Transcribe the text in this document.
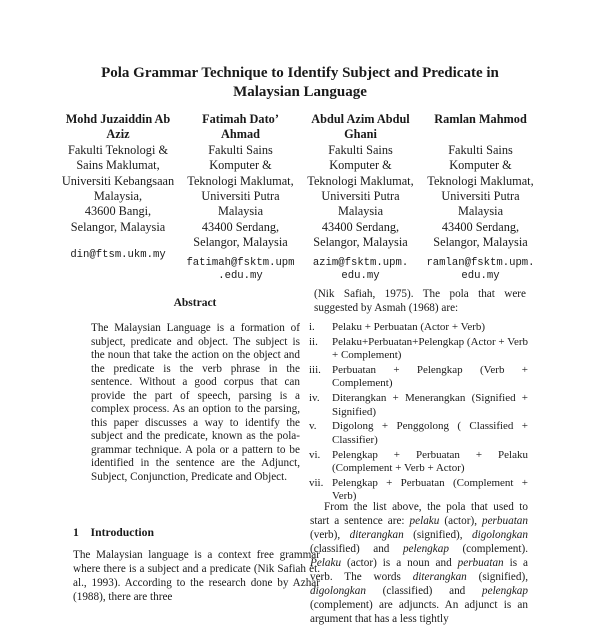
Pola Grammar Technique to Identify Subject and Predicate in
Malaysian Language
Mohd Juzaiddin Ab
Aziz
Fakulti Teknologi &
Sains Maklumat,
Universiti Kebangsaan
Malaysia,
43600 Bangi,
Selangor, Malaysia
din@ftsm.ukm.my
Fatimah Dato’
Ahmad
Fakulti Sains
Komputer &
Teknologi Maklumat,
Universiti Putra
Malaysia
43400 Serdang,
Selangor, Malaysia
fatimah@fsktm.upm
.edu.my
Abdul Azim Abdul
Ghani
Fakulti Sains
Komputer &
Teknologi Maklumat,
Universiti Putra
Malaysia
43400 Serdang,
Selangor, Malaysia
azim@fsktm.upm.
edu.my
Ramlan Mahmod
Fakulti Sains
Komputer &
Teknologi Maklumat,
Universiti Putra
Malaysia
43400 Serdang,
Selangor, Malaysia
ramlan@fsktm.upm.
edu.my
Abstract
The Malaysian Language is a formation of subject, predicate and object. The subject is the noun that take the action on the object and the predicate is the verb phrase in the sentence. Without a good corpus that can provide the part of speech, parsing is a complex process. As an option to the parsing, this paper discusses a way to identify the subject and the predicate, known as the pola-grammar technique. A pola or a pattern to be identified in the sentence are the Adjunct, Subject, Conjunction, Predicate and Object.
1 Introduction
The Malaysian language is a context free grammar where there is a subject and a predicate (Nik Safiah et. al., 1993). According to the research done by Azhar (1988), there are three
(Nik Safiah, 1975). The pola that were suggested by Asmah (1968) are:
i.	Pelaku + Perbuatan (Actor + Verb)
ii.	Pelaku+Perbuatan+Pelengkap (Actor + Verb + Complement)
iii.	Perbuatan + Pelengkap (Verb + Complement)
iv.	Diterangkan + Menerangkan (Signified + Signified)
v.	Digolong + Penggolong ( Classified + Classifier)
vi.	Pelengkap + Perbuatan + Pelaku (Complement + Verb + Actor)
vii. Pelengkap + Perbuatan (Complement + Verb)
From the list above, the pola that used to start a sentence are: pelaku (actor), perbuatan (verb), diterangkan (signified), digolongkan (classified) and pelengkap (complement). Pelaku (actor) is a noun and perbuatan is a verb. The words diterangkan (signified), digolongkan (classified) and pelengkap (complement) are adjuncts. An adjunct is an argument that has a less tightly
